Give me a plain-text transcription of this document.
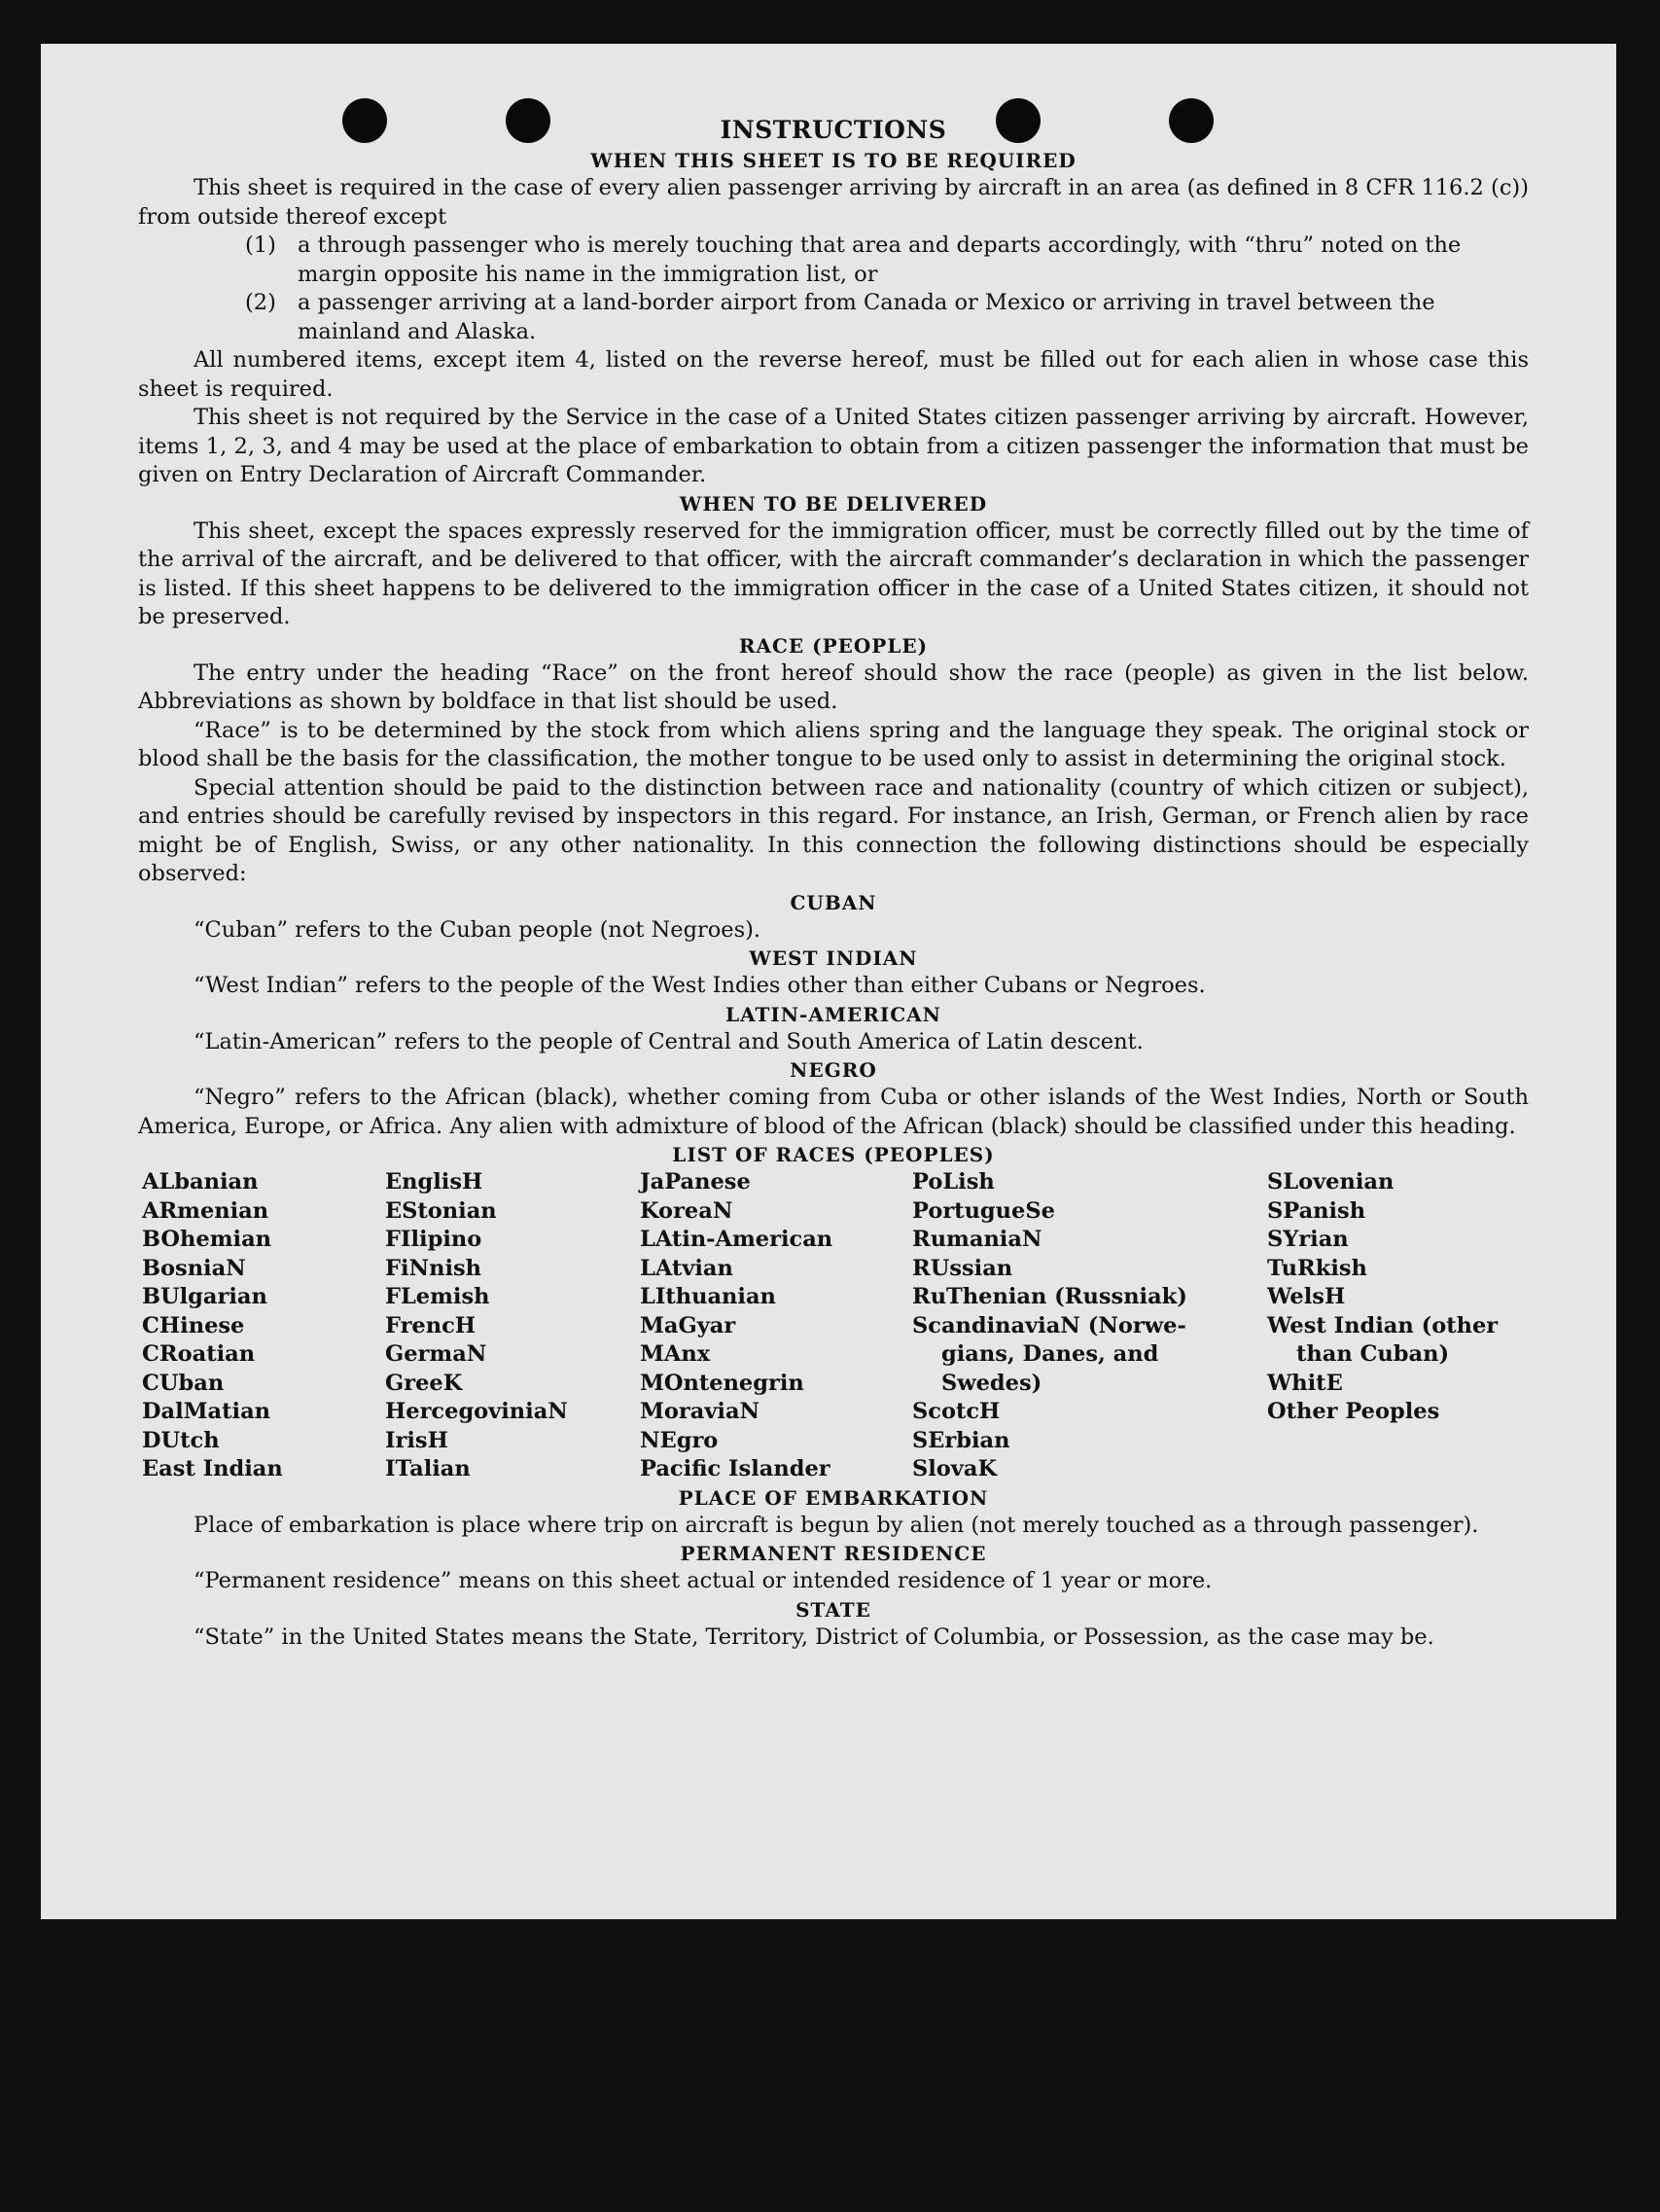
INSTRUCTIONS

WHEN THIS SHEET IS TO BE REQUIRED

This sheet is required in the case of every alien passenger arriving by aircraft in an area (as defined in 8 CFR 116.2 (c)) from outside thereof except

(1) a through passenger who is merely touching that area and departs accordingly, with “thru” noted on the margin opposite his name in the immigration list, or
(2) a passenger arriving at a land-border airport from Canada or Mexico or arriving in travel between the mainland and Alaska.

All numbered items, except item 4, listed on the reverse hereof, must be filled out for each alien in whose case this sheet is required.

This sheet is not required by the Service in the case of a United States citizen passenger arriving by aircraft. However, items 1, 2, 3, and 4 may be used at the place of embarkation to obtain from a citizen passenger the information that must be given on Entry Declaration of Aircraft Commander.

WHEN TO BE DELIVERED

This sheet, except the spaces expressly reserved for the immigration officer, must be correctly filled out by the time of the arrival of the aircraft, and be delivered to that officer, with the aircraft commander’s declaration in which the passenger is listed. If this sheet happens to be delivered to the immigration officer in the case of a United States citizen, it should not be preserved.

RACE (PEOPLE)

The entry under the heading “Race” on the front hereof should show the race (people) as given in the list below. Abbreviations as shown by boldface in that list should be used.

“Race” is to be determined by the stock from which aliens spring and the language they speak. The original stock or blood shall be the basis for the classification, the mother tongue to be used only to assist in determining the original stock.

Special attention should be paid to the distinction between race and nationality (country of which citizen or subject), and entries should be carefully revised by inspectors in this regard. For instance, an Irish, German, or French alien by race might be of English, Swiss, or any other nationality. In this connection the following distinctions should be especially observed:

CUBAN

“Cuban” refers to the Cuban people (not Negroes).

WEST INDIAN

“West Indian” refers to the people of the West Indies other than either Cubans or Negroes.

LATIN-AMERICAN

“Latin-American” refers to the people of Central and South America of Latin descent.

NEGRO

“Negro” refers to the African (black), whether coming from Cuba or other islands of the West Indies, North or South America, Europe, or Africa. Any alien with admixture of blood of the African (black) should be classified under this heading.

LIST OF RACES (PEOPLES)

ALbanian
ARmenian
BOhemian
BosniaN
BUlgarian
CHinese
CRoatian
CUban
DalMatian
DUtch
East Indian
EnglisH
EStonian
FIlipino
FiNnish
FLemish
FrencH
GermaN
GreeK
HercegoviniaN
IrisH
ITalian
JaPanese
KoreaN
LAtin-American
LAtvian
LIthuanian
MaGyar
MAnx
MOntenegrin
MoraviaN
NEgro
Pacific Islander
PoLish
PortugueSe
RumaniaN
RUssian
RuThenian (Russniak)
ScandinaviaN (Norwe-
gians, Danes, and
Swedes)
ScotcH
SErbian
SlovaK
SLovenian
SPanish
SYrian
TuRkish
WelsH
West Indian (other
than Cuban)
WhitE
Other Peoples

PLACE OF EMBARKATION

Place of embarkation is place where trip on aircraft is begun by alien (not merely touched as a through passenger).

PERMANENT RESIDENCE

“Permanent residence” means on this sheet actual or intended residence of 1 year or more.

STATE

“State” in the United States means the State, Territory, District of Columbia, or Possession, as the case may be.
